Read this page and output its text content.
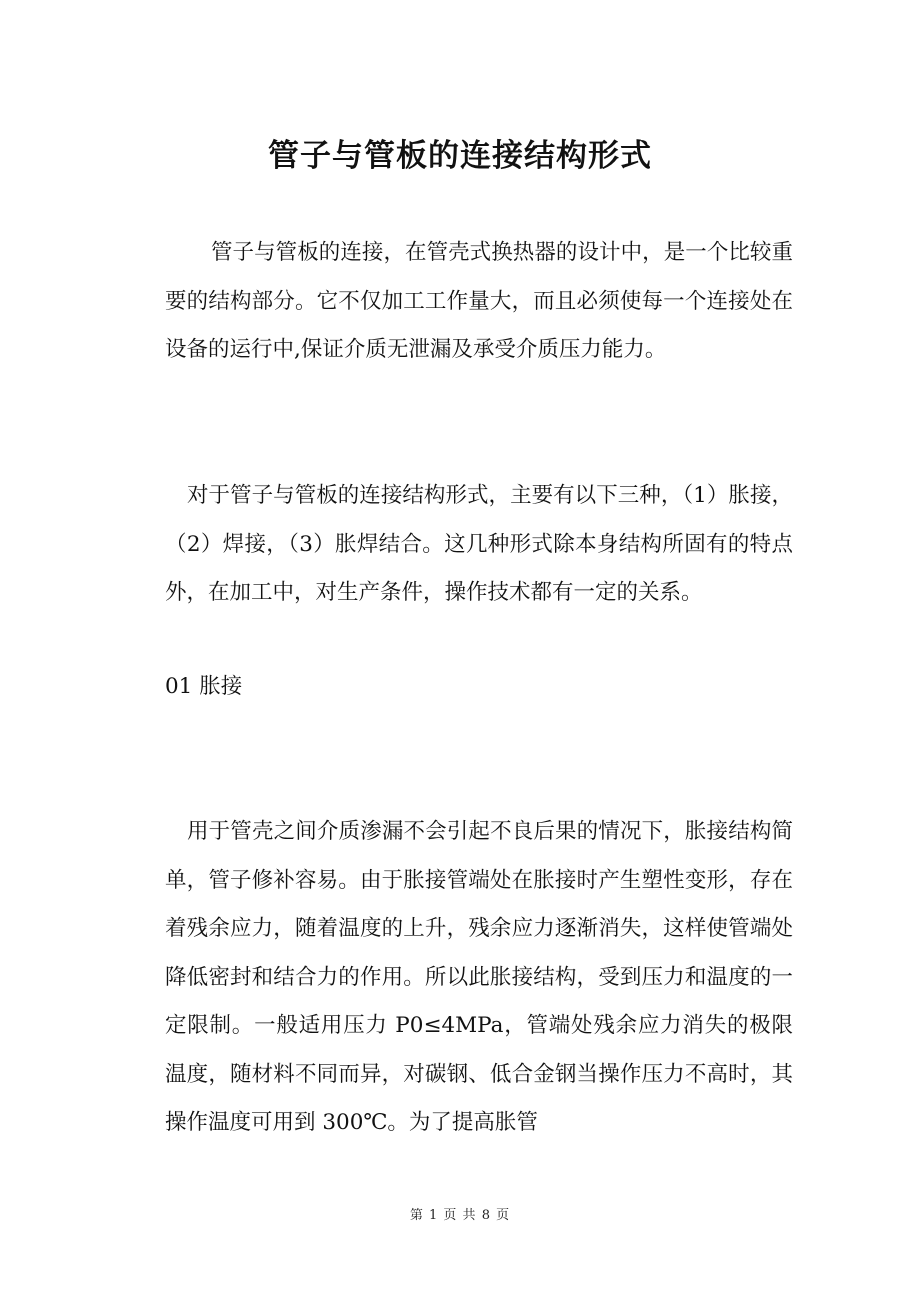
管子与管板的连接结构形式

管子与管板的连接，在管壳式换热器的设计中，是一个比较重要的结构部分。它不仅加工工作量大，而且必须使每一个连接处在设备的运行中,保证介质无泄漏及承受介质压力能力。

对于管子与管板的连接结构形式，主要有以下三种，（1）胀接，（2）焊接，（3）胀焊结合。这几种形式除本身结构所固有的特点外，在加工中，对生产条件，操作技术都有一定的关系。

01 胀接

用于管壳之间介质渗漏不会引起不良后果的情况下，胀接结构简单，管子修补容易。由于胀接管端处在胀接时产生塑性变形，存在着残余应力，随着温度的上升，残余应力逐渐消失，这样使管端处降低密封和结合力的作用。所以此胀接结构，受到压力和温度的一定限制。一般适用压力 P0≤4MPa，管端处残余应力消失的极限温度，随材料不同而异，对碳钢、低合金钢当操作压力不高时，其操作温度可用到 300℃。为了提高胀管

第 1 页 共 8 页
